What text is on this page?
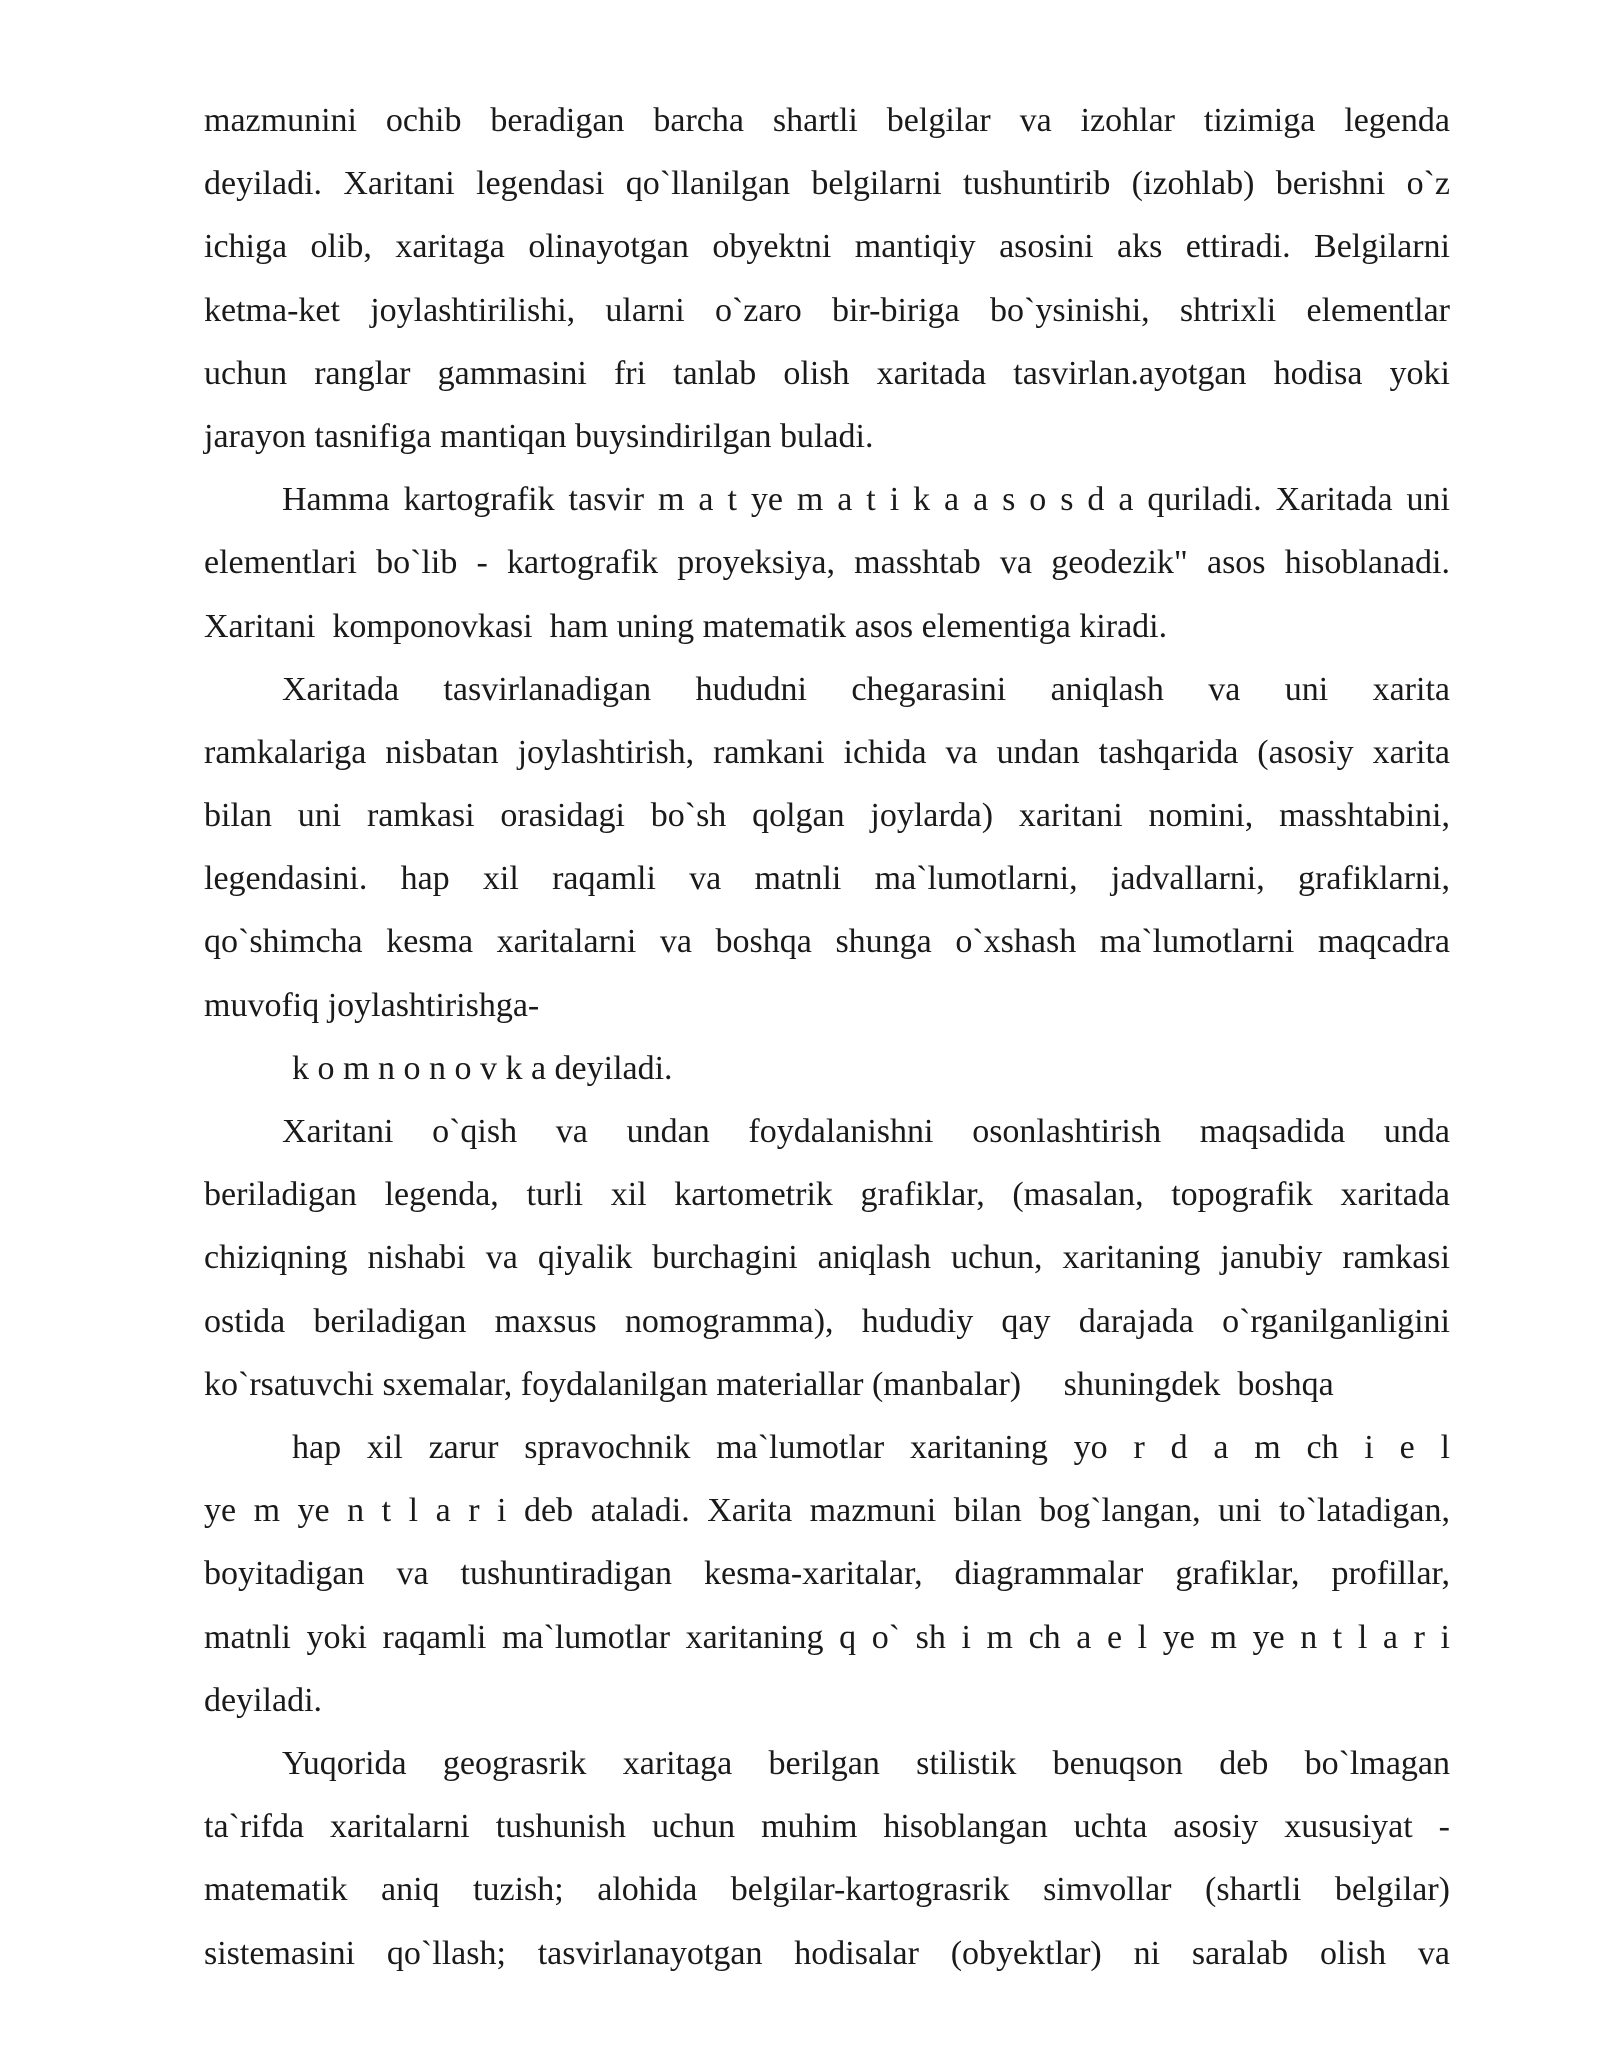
mazmunini ochib beradigan barcha shartli belgilar va izohlar tizimiga legenda
deyiladi. Xaritani legendasi qo`llanilgan belgilarni tushuntirib (izohlab) berishni o`z
ichiga olib, xaritaga olinayotgan obyektni mantiqiy asosini aks ettiradi. Belgilarni
ketma-ket joylashtirilishi, ularni o`zaro bir-biriga bo`ysinishi, shtrixli elementlar
uchun ranglar gammasini fri tanlab olish xaritada tasvirlan.ayotgan hodisa yoki
jarayon tasnifiga mantiqan buysindirilgan buladi.
Hamma kartografik tasvir m a t ye m a t i k a a s o s d a quriladi. Xaritada uni
elementlari bo`lib - kartografik proyeksiya, masshtab va geodezik" asos hisoblanadi.
Xaritani  komponovkasi  ham uning matematik asos elementiga kiradi.
Xaritada tasvirlanadigan hududni chegarasini aniqlash va uni xarita
ramkalariga nisbatan joylashtirish, ramkani ichida va undan tashqarida (asosiy xarita
bilan uni ramkasi orasidagi bo`sh qolgan joylarda) xaritani nomini, masshtabini,
legendasini. hap xil raqamli va matnli ma`lumotlarni, jadvallarni, grafiklarni,
qo`shimcha kesma xaritalarni va boshqa shunga o`xshash ma`lumotlarni maqcadra
muvofiq joylashtirishga-
k o m n o n o v k a deyiladi.
Xaritani o`qish va undan foydalanishni osonlashtirish maqsadida unda
beriladigan legenda, turli xil kartometrik grafiklar, (masalan, topografik xaritada
chiziqning nishabi va qiyalik burchagini aniqlash uchun, xaritaning janubiy ramkasi
ostida beriladigan maxsus nomogramma), hududiy qay darajada o`rganilganligini
ko`rsatuvchi sxemalar, foydalanilgan materiallar (manbalar)     shuningdek  boshqa
hap xil zarur spravochnik ma`lumotlar xaritaning yo r d a m ch i e l
ye m ye n t l a r i deb ataladi. Xarita mazmuni bilan bog`langan, uni to`latadigan,
boyitadigan va tushuntiradigan kesma-xaritalar, diagrammalar grafiklar, profillar,
matnli yoki raqamli ma`lumotlar xaritaning q o` sh i m ch a e l ye m ye n t l a r i
deyiladi.
Yuqorida geograsrik xaritaga berilgan stilistik benuqson deb bo`lmagan
ta`rifda xaritalarni tushunish uchun muhim hisoblangan uchta asosiy xususiyat -
matematik aniq tuzish; alohida belgilar-kartograsrik simvollar (shartli belgilar)
sistemasini qo`llash; tasvirlanayotgan hodisalar (obyektlar) ni saralab olish va
